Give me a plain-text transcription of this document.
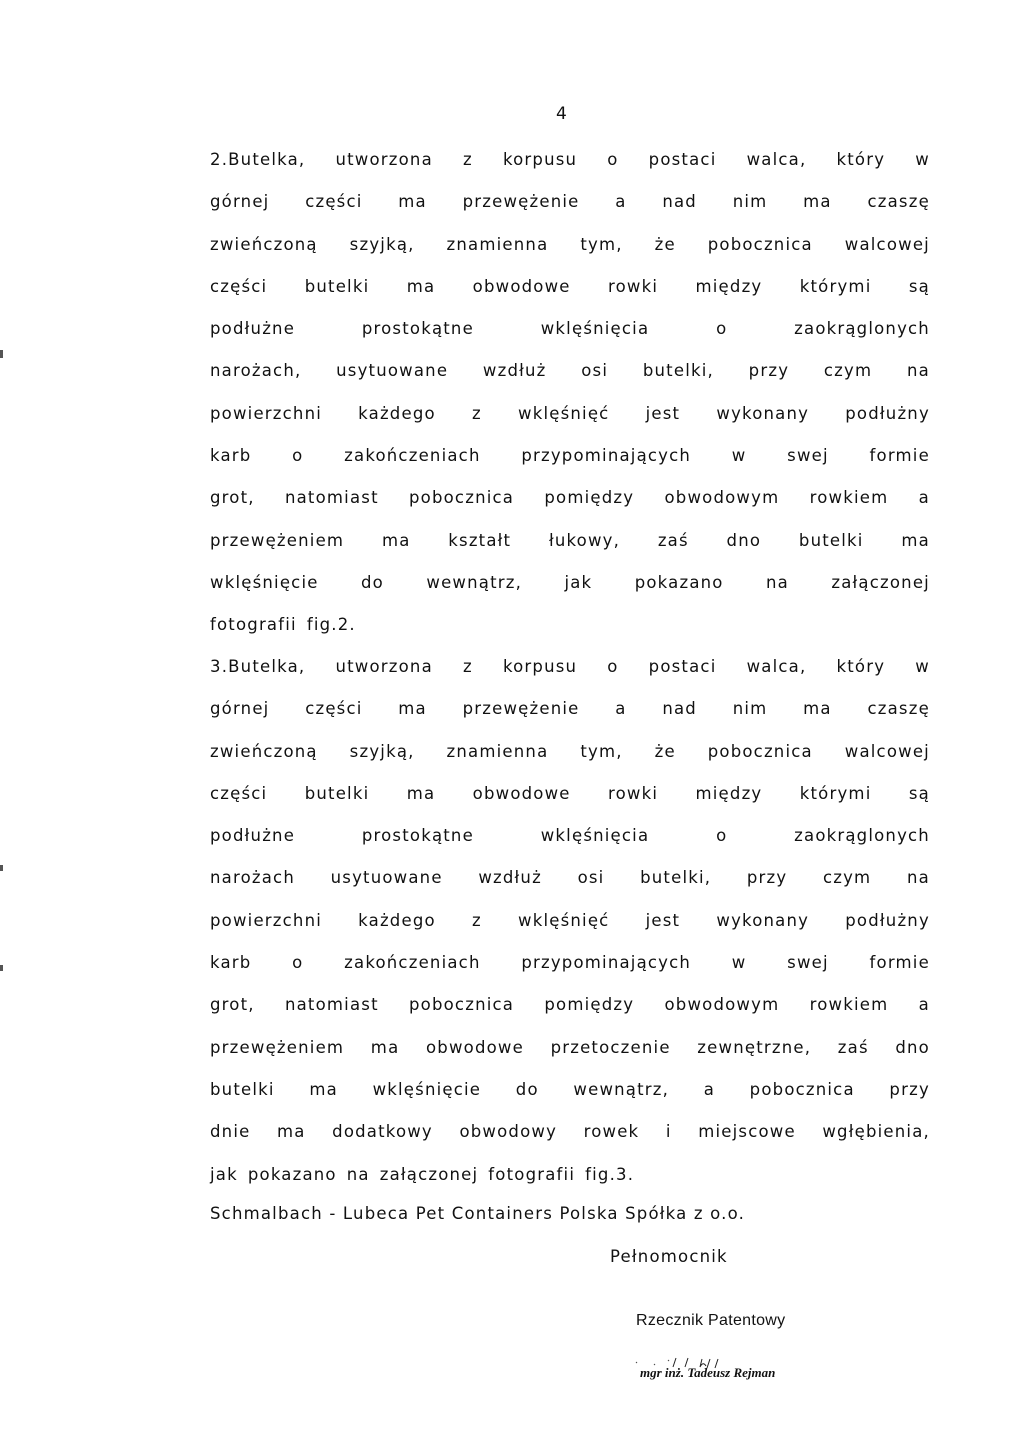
4
2.Butelka, utworzona z korpusu o postaci walca, który w
górnej części ma przewężenie a nad nim ma czaszę
zwieńczoną szyjką, znamienna tym, że pobocznica walcowej
części butelki ma obwodowe rowki między którymi są
podłużne	prostokątne	wklęśnięcia	o	zaokrąglonych
narożach, usytuowane wzdłuż osi butelki, przy czym na
powierzchni każdego z wklęśnięć jest wykonany podłużny
karb o zakończeniach przypominających w swej formie
grot, natomiast pobocznica pomiędzy obwodowym rowkiem a
przewężeniem ma kształt łukowy, zaś dno butelki ma
wklęśnięcie	do	wewnątrz,	jak	pokazano	na	załączonej
fotografii fig.2.
3.Butelka, utworzona z korpusu o postaci walca, który w
górnej części ma przewężenie a nad nim ma czaszę
zwieńczoną szyjką, znamienna tym, że pobocznica walcowej
części butelki ma obwodowe rowki między którymi są
podłużne	prostokątne	wklęśnięcia	o	zaokrąglonych
narożach usytuowane wzdłuż osi butelki, przy czym na
powierzchni każdego z wklęśnięć jest wykonany podłużny
karb o zakończeniach przypominających w swej formie
grot, natomiast pobocznica pomiędzy obwodowym rowkiem a
przewężeniem ma obwodowe przetoczenie zewnętrzne, zaś dno
butelki ma wklęśnięcie do wewnątrz, a pobocznica przy
dnie ma dodatkowy obwodowy rowek i miejscowe wgłębienia,
jak pokazano na załączonej fotografii fig.3.
Schmalbach - Lubeca Pet Containers Polska Spółka z o.o.
Pełnomocnik
Rzecznik Patentowy
mgr inż. Tadeusz Rejman
